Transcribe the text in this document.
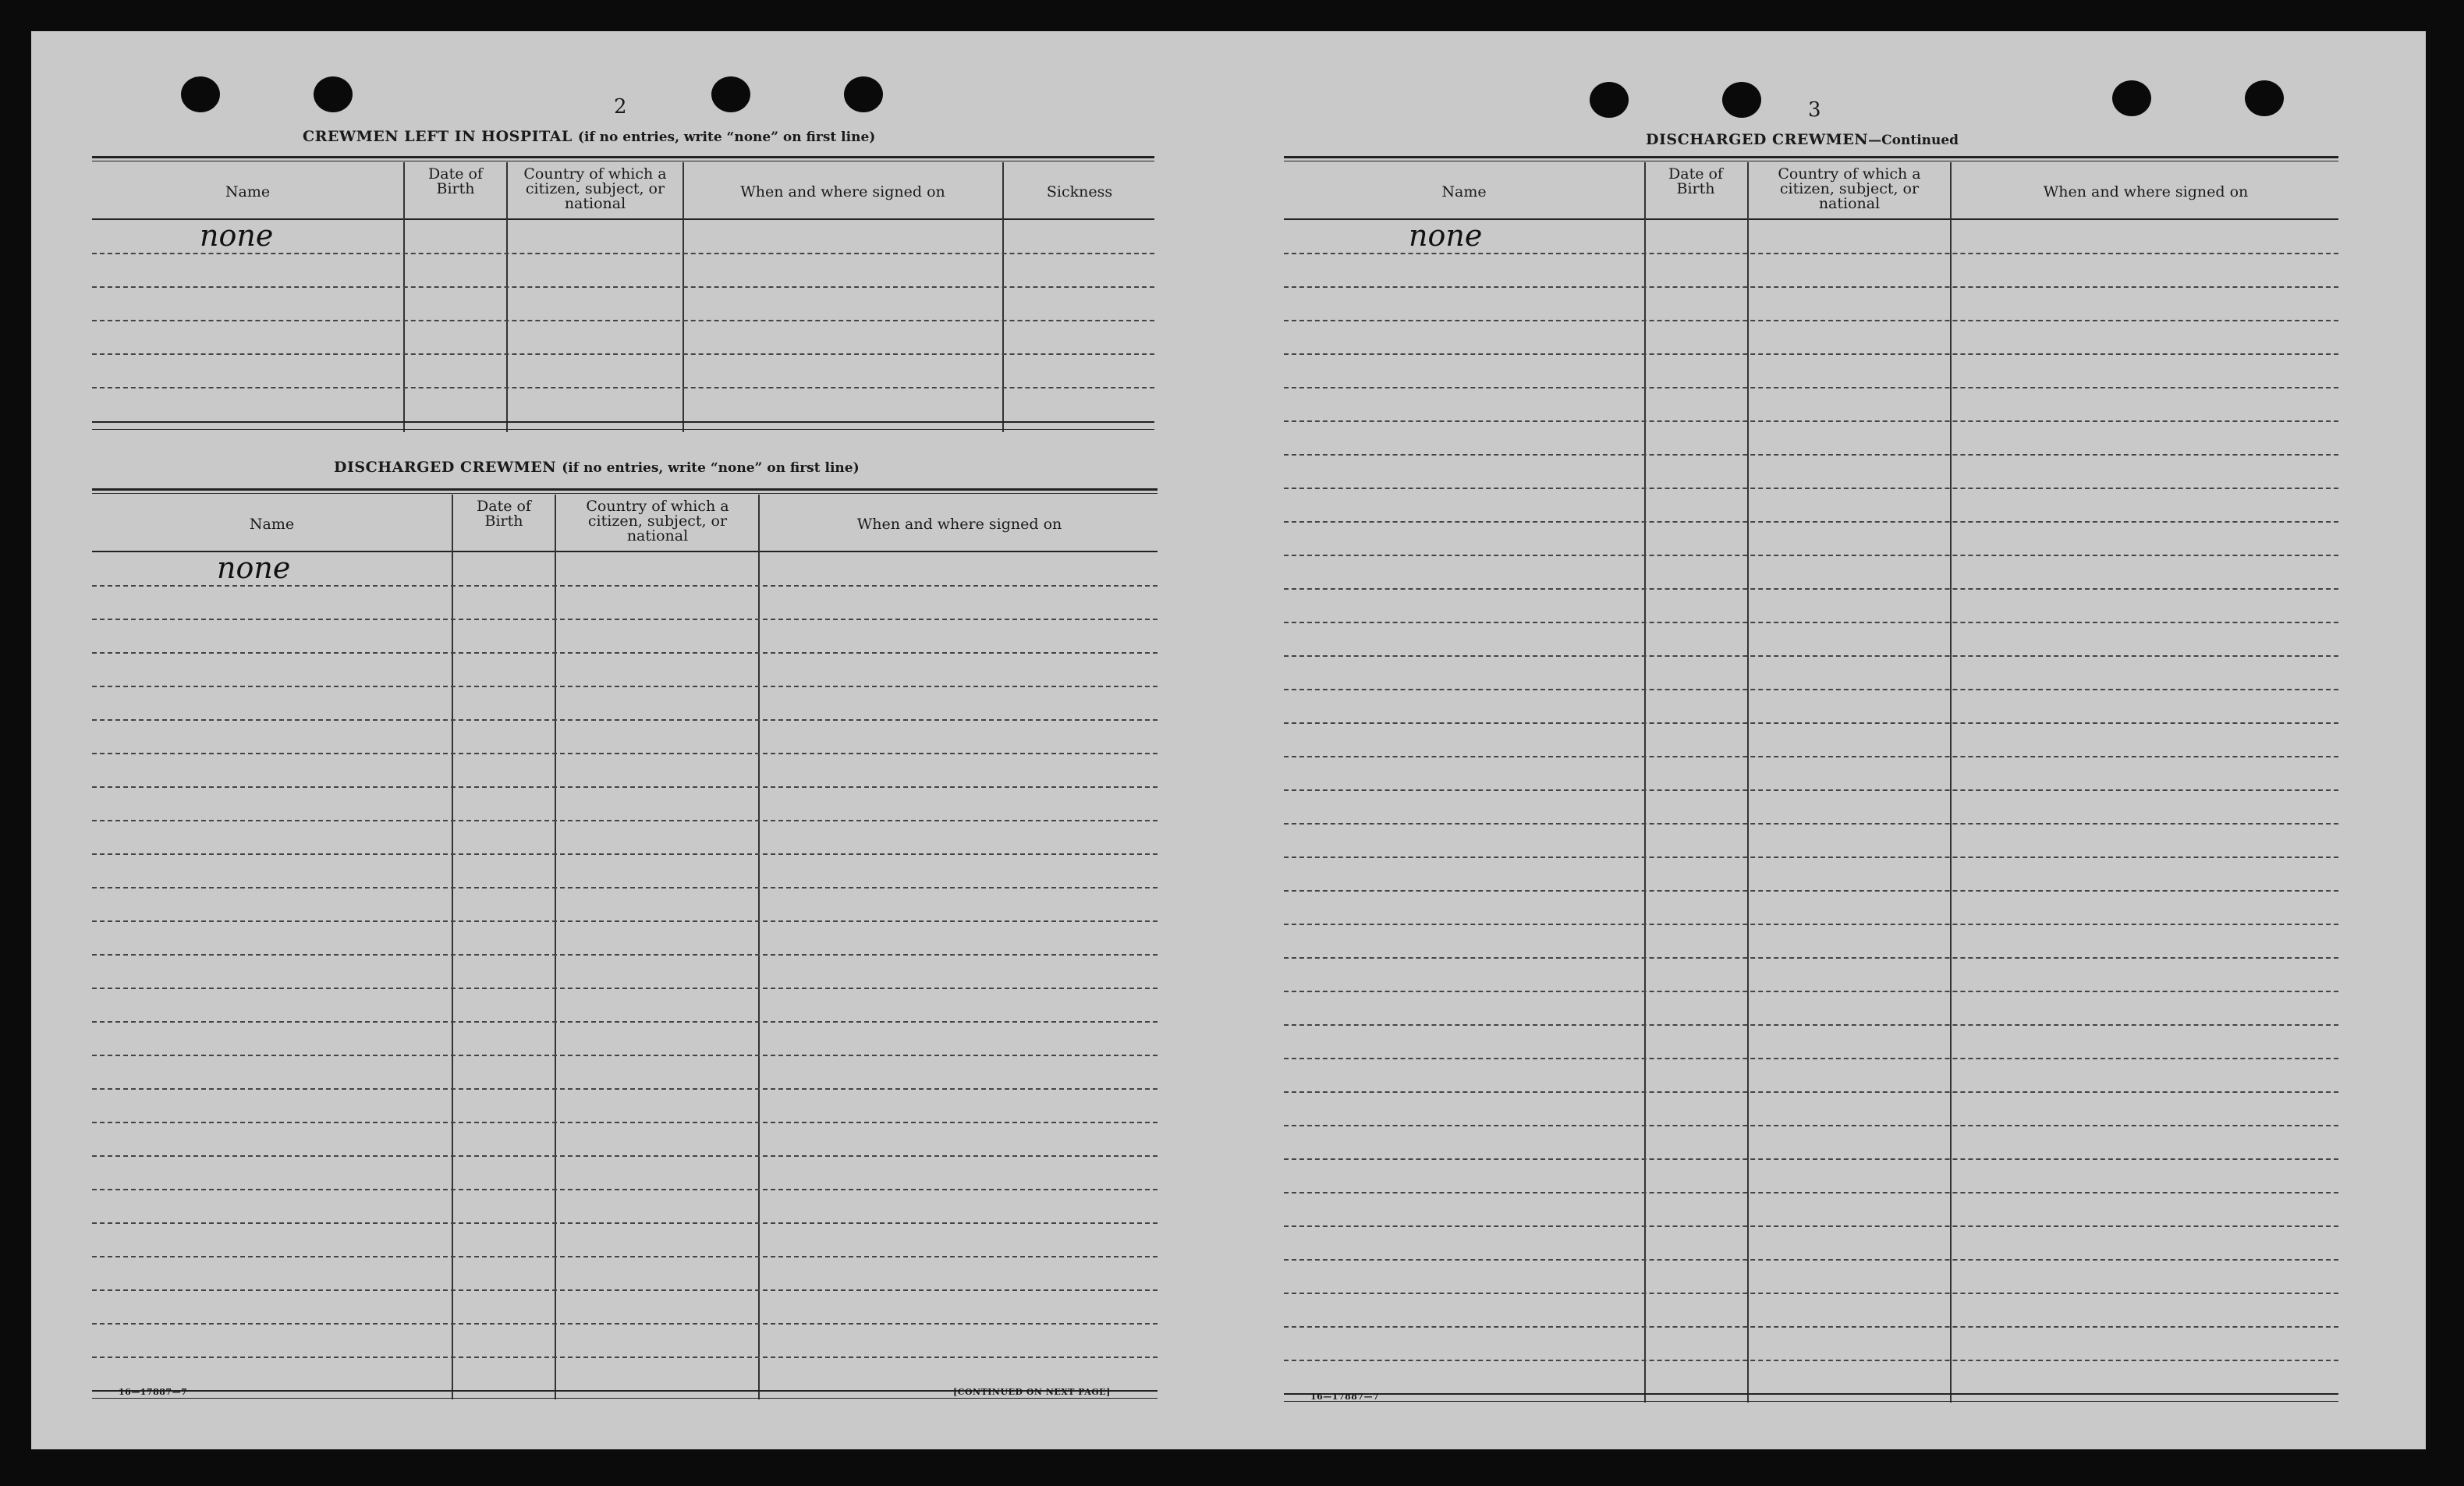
2
CREWMEN LEFT IN HOSPITAL (if no entries, write “none” on first line)
Name
Date of Birth
Country of which a citizen, subject, or national
When and where signed on	Sickness
none
DISCHARGED CREWMEN (if no entries, write “none” on first line)
Name
Date of Birth
Country of which a citizen, subject, or national
When and where signed on
none
16—17887—7	[CONTINUED ON NEXT PAGE]
3
DISCHARGED CREWMEN—Continued
Name
Date of Birth
Country of which a citizen, subject, or national
When and where signed on
none
16—17887—7
